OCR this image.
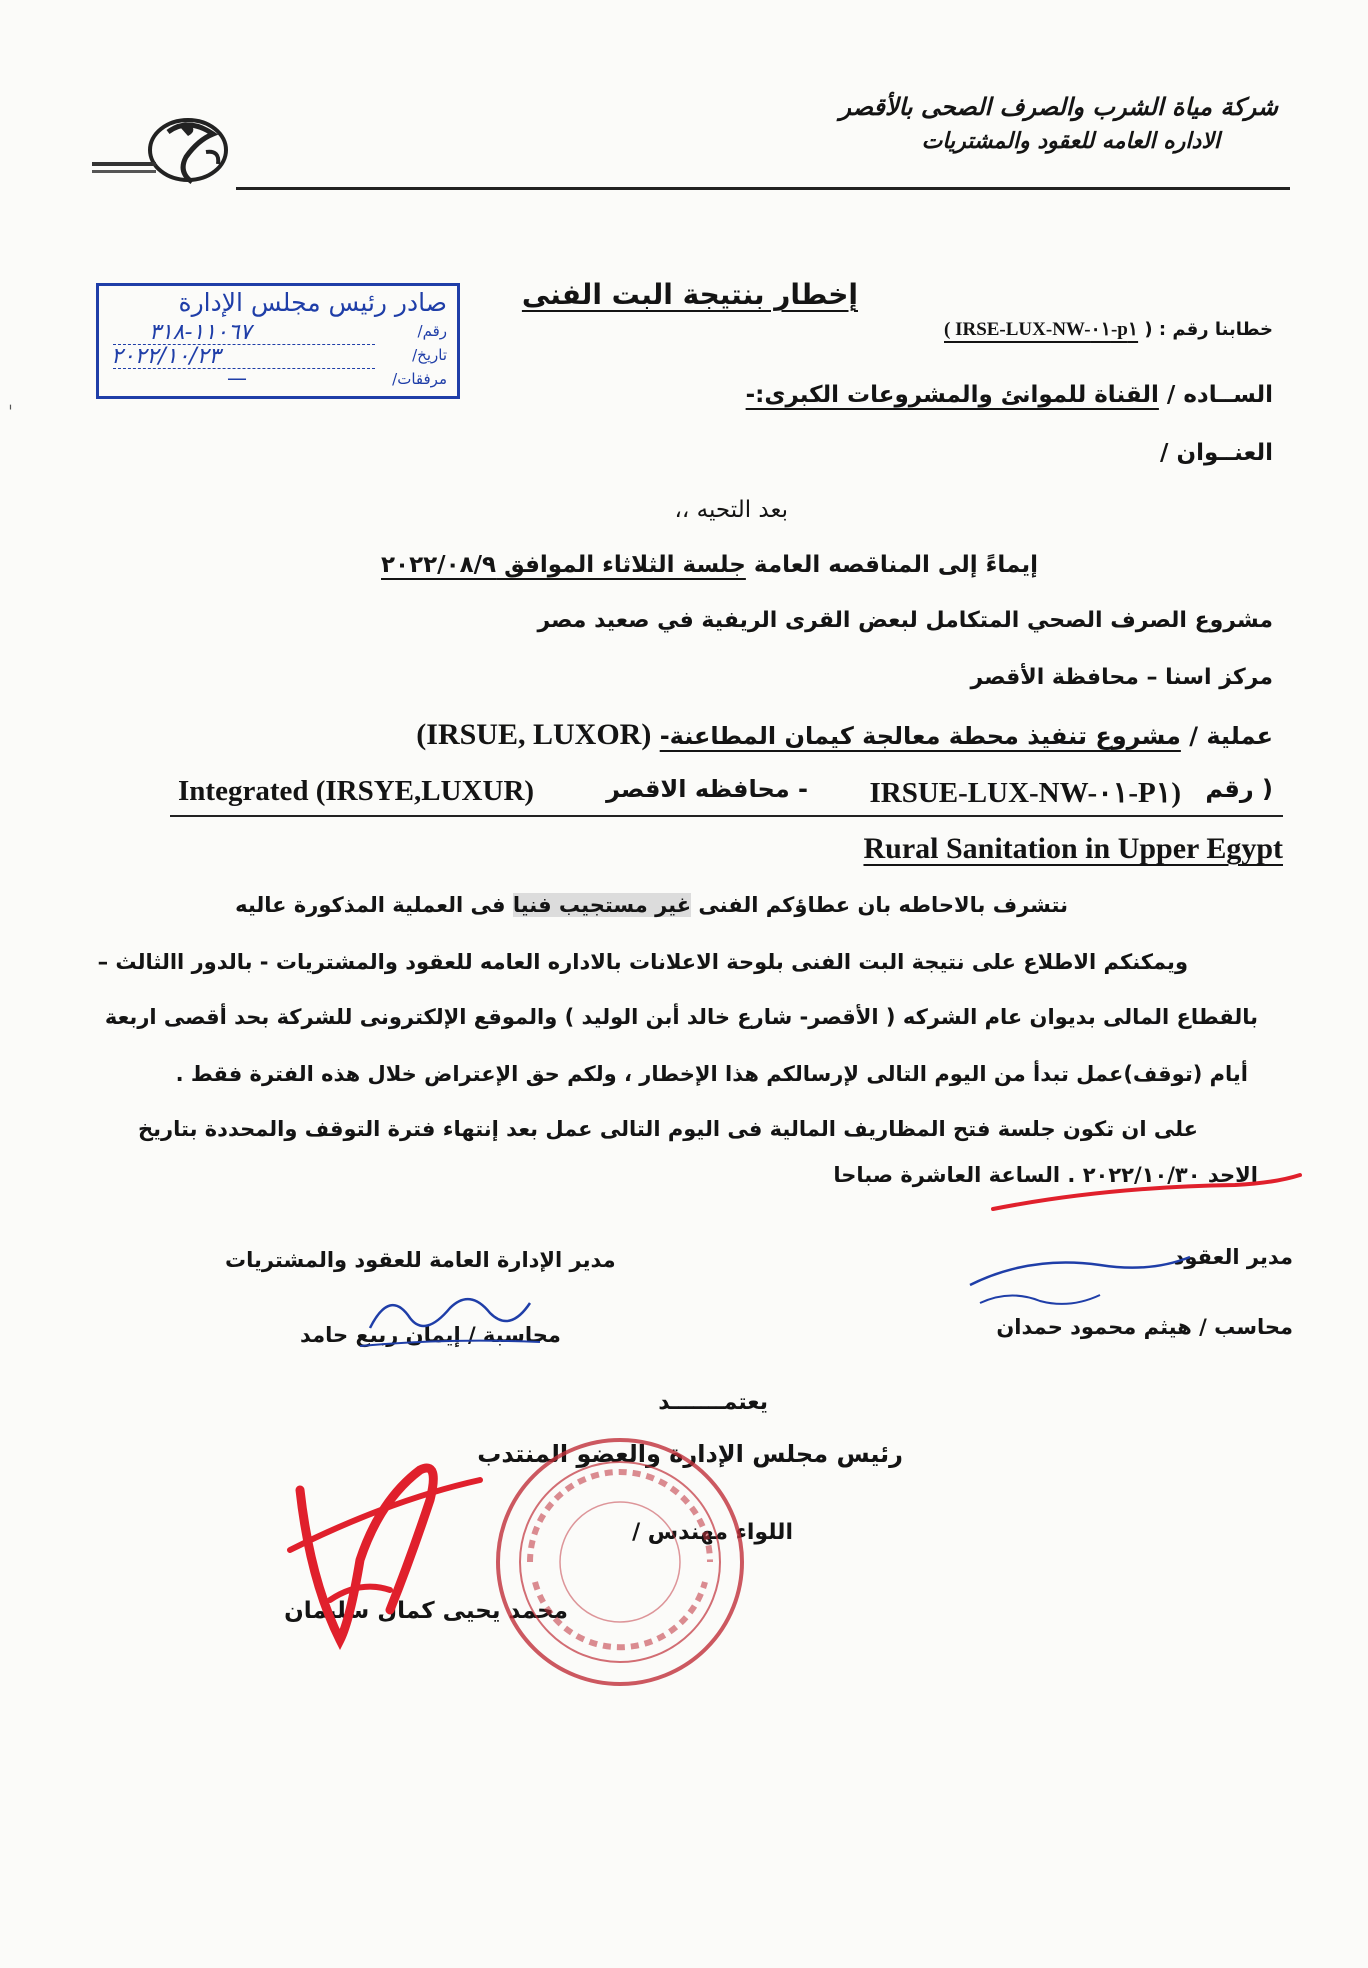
شركة مياة الشرب والصرف الصحى بالأقصر
الاداره العامه للعقود والمشتريات
صادر رئيس مجلس الإدارة
رقم/
تاريخ/
مرفقات/
١١٠٦٧-٣١٨
٢٠٢٢/١٠/٢٣
—
إخطار بنتيجة البت الفنى
خطابنا رقم : ( ( IRSE-LUX-NW-٠١-p١
الســاده / القناة للموانئ والمشروعات الكبرى:-
العنــوان /
بعد التحيه ،،
إيماءً إلى المناقصه العامة جلسة الثلاثاء الموافق ٢٠٢٢/٠٨/٩
مشروع الصرف الصحي المتكامل لبعض القرى الريفية في صعيد مصر
مركز اسنا – محافظة الأقصر
عملية / مشروع تنفيذ محطة معالجة كيمان المطاعنة- (IRSUE, LUXOR)
( رقم
IRSUE-LUX-NW-٠١-P١)
- محافظه الاقصر
Integrated (IRSYE,LUXUR)
Rural Sanitation in Upper Egypt
نتشرف بالاحاطه بان عطاؤكم الفنى غير مستجيب فنيا فى العملية المذكورة عاليه
ويمكنكم الاطلاع على نتيجة البت الفنى بلوحة الاعلانات بالاداره العامه للعقود والمشتريات - بالدور االثالث –
بالقطاع المالى بديوان عام الشركه ( الأقصر- شارع خالد أبن الوليد ) والموقع الإلكترونى للشركة بحد أقصى اربعة
أيام (توقف)عمل تبدأ من اليوم التالى لإرسالكم هذا الإخطار ، ولكم حق الإعتراض خلال هذه الفترة فقط .
على ان تكون جلسة فتح المظاريف المالية فى اليوم التالى عمل بعد إنتهاء فترة التوقف والمحددة بتاريخ
الاحد ٢٠٢٢/١٠/٣٠ . الساعة العاشرة صباحا
مدير الإدارة العامة للعقود والمشتريات
محاسبة / إيمان ربيع حامد
مدير العقود
محاسب / هيثم محمود حمدان
يعتمـــــــد
رئيس مجلس الإدارة والعضو المنتدب
اللواء مهندس /
محمد يحيى كمال سليمان
ˈ
